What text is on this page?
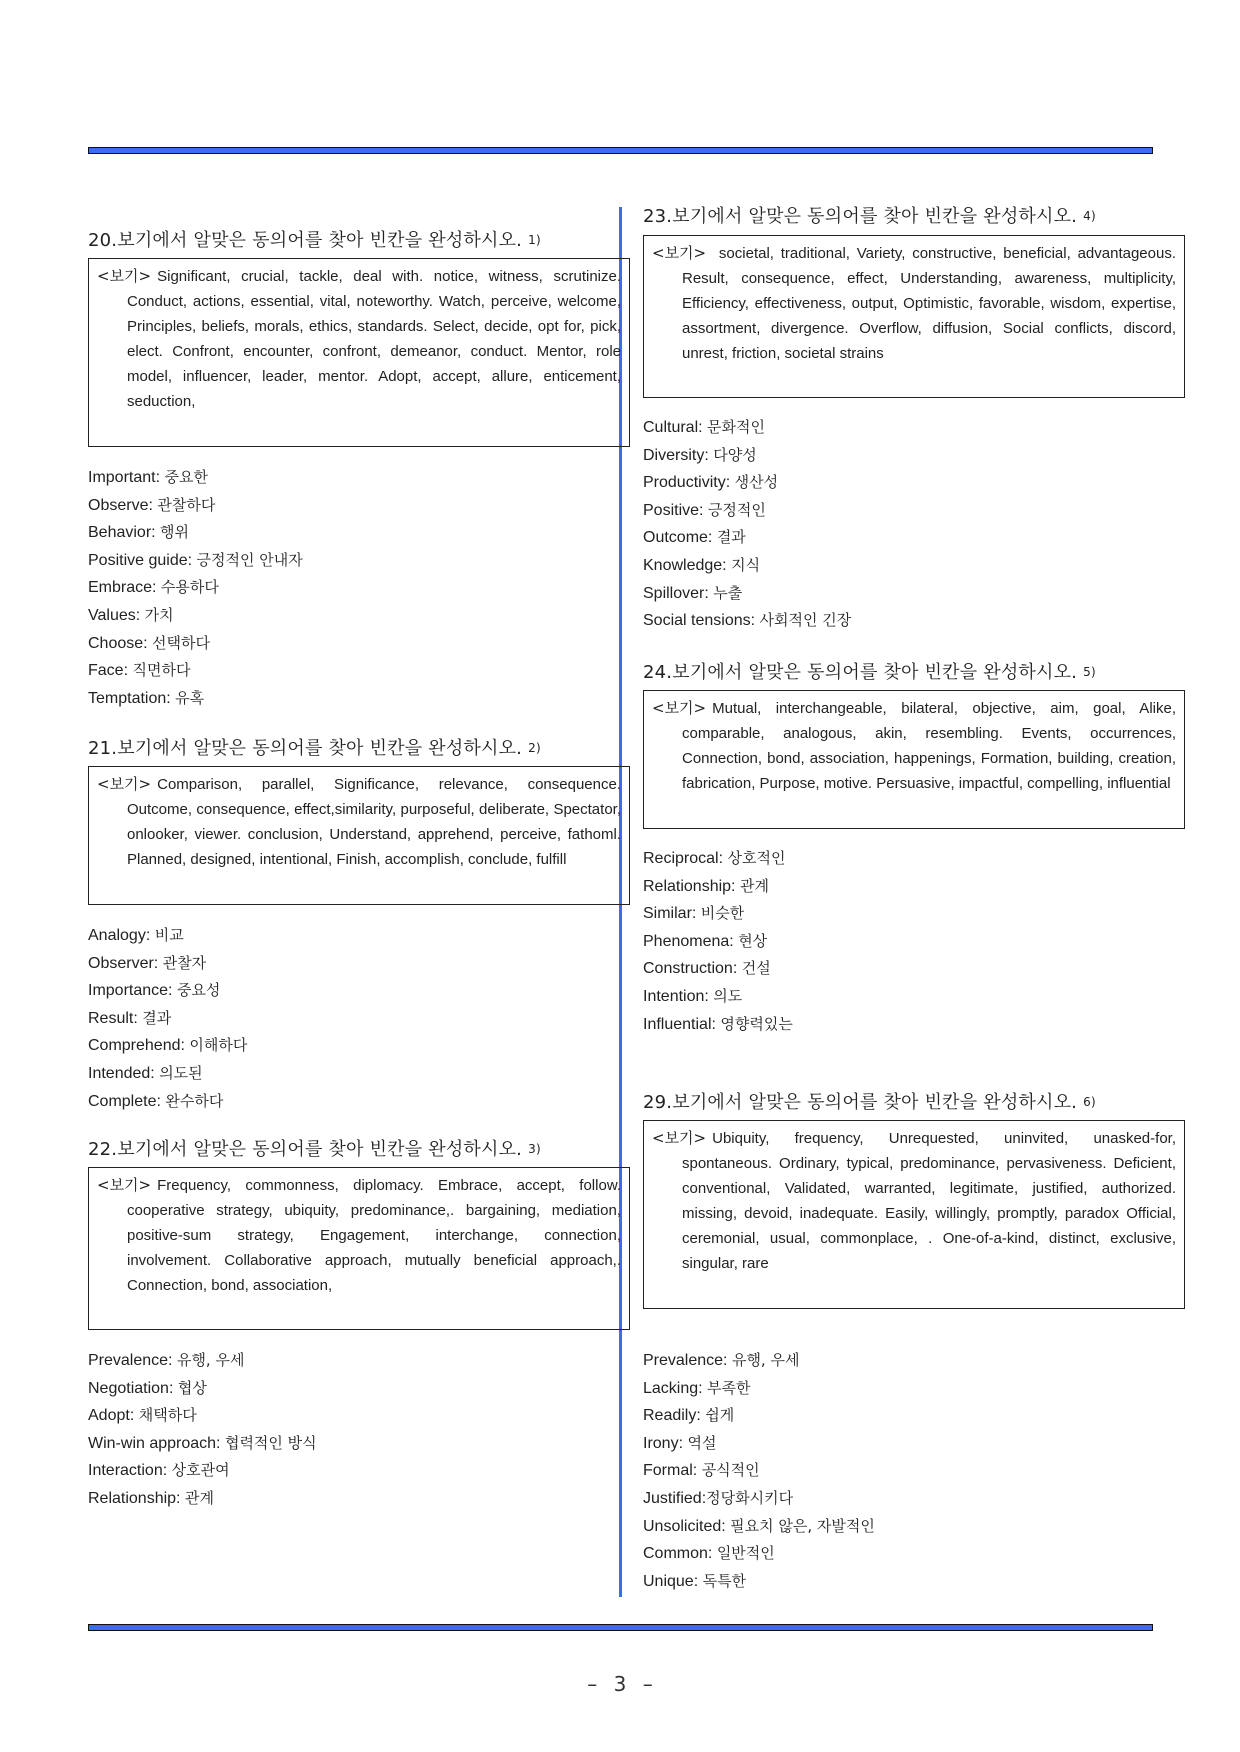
20.보기에서 알맞은 동의어를 찾아 빈칸을 완성하시오. 1)
<보기> Significant, crucial, tackle, deal with. notice, witness, scrutinize. Conduct, actions, essential, vital, noteworthy. Watch, perceive, welcome, Principles, beliefs, morals, ethics, standards. Select, decide, opt for, pick, elect. Confront, encounter, confront, demeanor, conduct. Mentor, role model, influencer, leader, mentor. Adopt, accept, allure, enticement, seduction,
Important: 중요한
Observe: 관찰하다
Behavior: 행위
Positive guide: 긍정적인 안내자
Embrace: 수용하다
Values: 가치
Choose: 선택하다
Face: 직면하다
Temptation: 유혹
21.보기에서 알맞은 동의어를 찾아 빈칸을 완성하시오. 2)
<보기> Comparison, parallel, Significance, relevance, consequence. Outcome, consequence, effect,similarity, purposeful, deliberate, Spectator, onlooker, viewer. conclusion, Understand, apprehend, perceive, fathoml. Planned, designed, intentional, Finish, accomplish, conclude, fulfill
Analogy: 비교
Observer: 관찰자
Importance: 중요성
Result: 결과
Comprehend: 이해하다
Intended: 의도된
Complete: 완수하다
22.보기에서 알맞은 동의어를 찾아 빈칸을 완성하시오. 3)
<보기> Frequency, commonness, diplomacy. Embrace, accept, follow. cooperative strategy, ubiquity, predominance,. bargaining, mediation, positive-sum strategy, Engagement, interchange, connection, involvement. Collaborative approach, mutually beneficial approach,. Connection, bond, association,
Prevalence: 유행, 우세
Negotiation: 협상
Adopt: 채택하다
Win-win approach: 협력적인 방식
Interaction: 상호관여
Relationship: 관계
23.보기에서 알맞은 동의어를 찾아 빈칸을 완성하시오. 4)
<보기> societal, traditional, Variety, constructive, beneficial, advantageous. Result, consequence, effect, Understanding, awareness, multiplicity, Efficiency, effectiveness, output, Optimistic, favorable, wisdom, expertise, assortment, divergence. Overflow, diffusion, Social conflicts, discord, unrest, friction, societal strains
Cultural: 문화적인
Diversity: 다양성
Productivity: 생산성
Positive: 긍정적인
Outcome: 결과
Knowledge: 지식
Spillover: 누출
Social tensions: 사회적인 긴장
24.보기에서 알맞은 동의어를 찾아 빈칸을 완성하시오. 5)
<보기> Mutual, interchangeable, bilateral, objective, aim, goal, Alike, comparable, analogous, akin, resembling. Events, occurrences, Connection, bond, association, happenings, Formation, building, creation, fabrication, Purpose, motive. Persuasive, impactful, compelling, influential
Reciprocal: 상호적인
Relationship: 관계
Similar: 비슷한
Phenomena: 현상
Construction: 건설
Intention: 의도
Influential: 영향력있는
29.보기에서 알맞은 동의어를 찾아 빈칸을 완성하시오. 6)
<보기> Ubiquity, frequency, Unrequested, uninvited, unasked-for, spontaneous. Ordinary, typical, predominance, pervasiveness. Deficient, conventional, Validated, warranted, legitimate, justified, authorized. missing, devoid, inadequate. Easily, willingly, promptly, paradox Official, ceremonial, usual, commonplace, . One-of-a-kind, distinct, exclusive, singular, rare
Prevalence: 유행, 우세
Lacking: 부족한
Readily: 쉽게
Irony: 역설
Formal: 공식적인
Justified:정당화시키다
Unsolicited: 필요치 않은, 자발적인
Common: 일반적인
Unique: 독특한
– 3 –
